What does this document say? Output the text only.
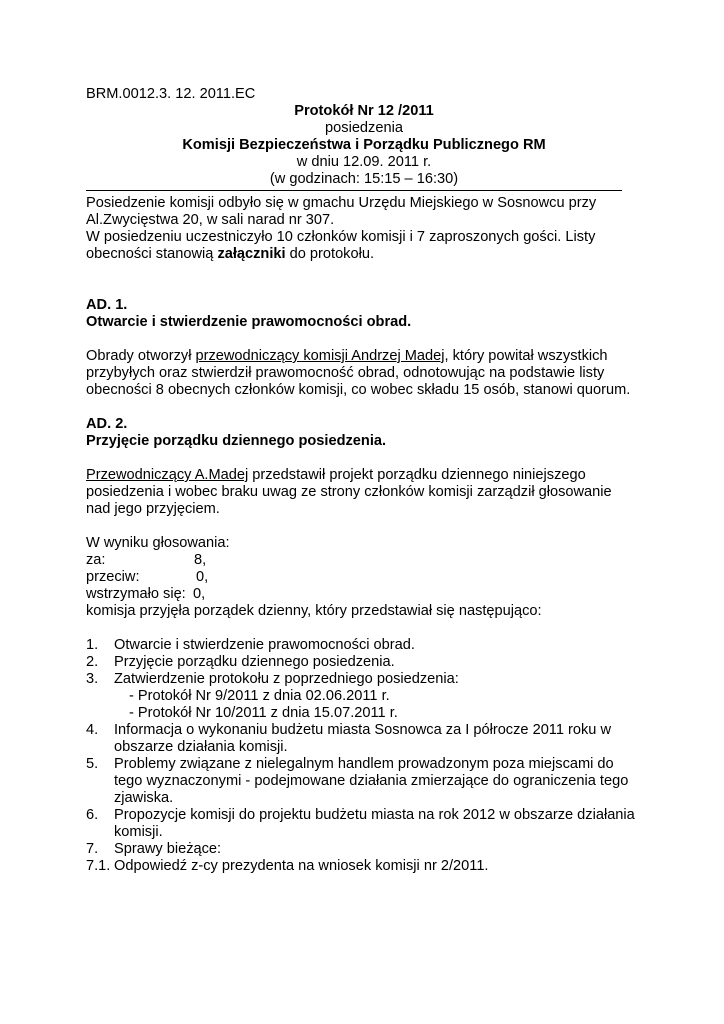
BRM.0012.3. 12. 2011.EC

Protokół Nr 12 /2011

posiedzenia

Komisji Bezpieczeństwa i Porządku Publicznego RM

w dniu 12.09. 2011 r.

(w godzinach: 15:15 – 16:30)

Posiedzenie komisji odbyło się w gmachu Urzędu Miejskiego w Sosnowcu przy

Al.Zwycięstwa 20, w sali narad nr 307.

W posiedzeniu uczestniczyło 10 członków komisji i 7 zaproszonych gości. Listy

obecności stanowią załączniki do protokołu.

AD. 1.

Otwarcie i stwierdzenie prawomocności obrad.

Obrady otworzył przewodniczący komisji Andrzej Madej, który powitał wszystkich

przybyłych oraz stwierdził prawomocność obrad, odnotowując na podstawie listy

obecności 8 obecnych członków komisji, co wobec składu 15 osób, stanowi quorum.

AD. 2.

Przyjęcie porządku dziennego posiedzenia.

Przewodniczący A.Madej przedstawił projekt porządku dziennego niniejszego

posiedzenia i wobec braku uwag ze strony członków komisji zarządził głosowanie

nad jego przyjęciem.

W wyniku głosowania:

za:	8,
przeciw:	0,
wstrzymało się: 0,

komisja przyjęła porządek dzienny, który przedstawiał się następująco:

1. Otwarcie i stwierdzenie prawomocności obrad.
2. Przyjęcie porządku dziennego posiedzenia.
3. Zatwierdzenie protokołu z poprzedniego posiedzenia:

- Protokół Nr 9/2011 z dnia 02.06.2011 r.

- Protokół Nr 10/2011 z dnia 15.07.2011 r.

4. Informacja o wykonaniu budżetu miasta Sosnowca za I półrocze 2011 roku w
obszarze działania komisji.
5. Problemy związane z nielegalnym handlem prowadzonym poza miejscami do
tego wyznaczonymi - podejmowane działania zmierzające do ograniczenia tego
zjawiska.
6. Propozycje komisji do projektu budżetu miasta na rok 2012 w obszarze działania
komisji.
7. Sprawy bieżące:

7.1. Odpowiedź z-cy prezydenta na wniosek komisji nr 2/2011.
